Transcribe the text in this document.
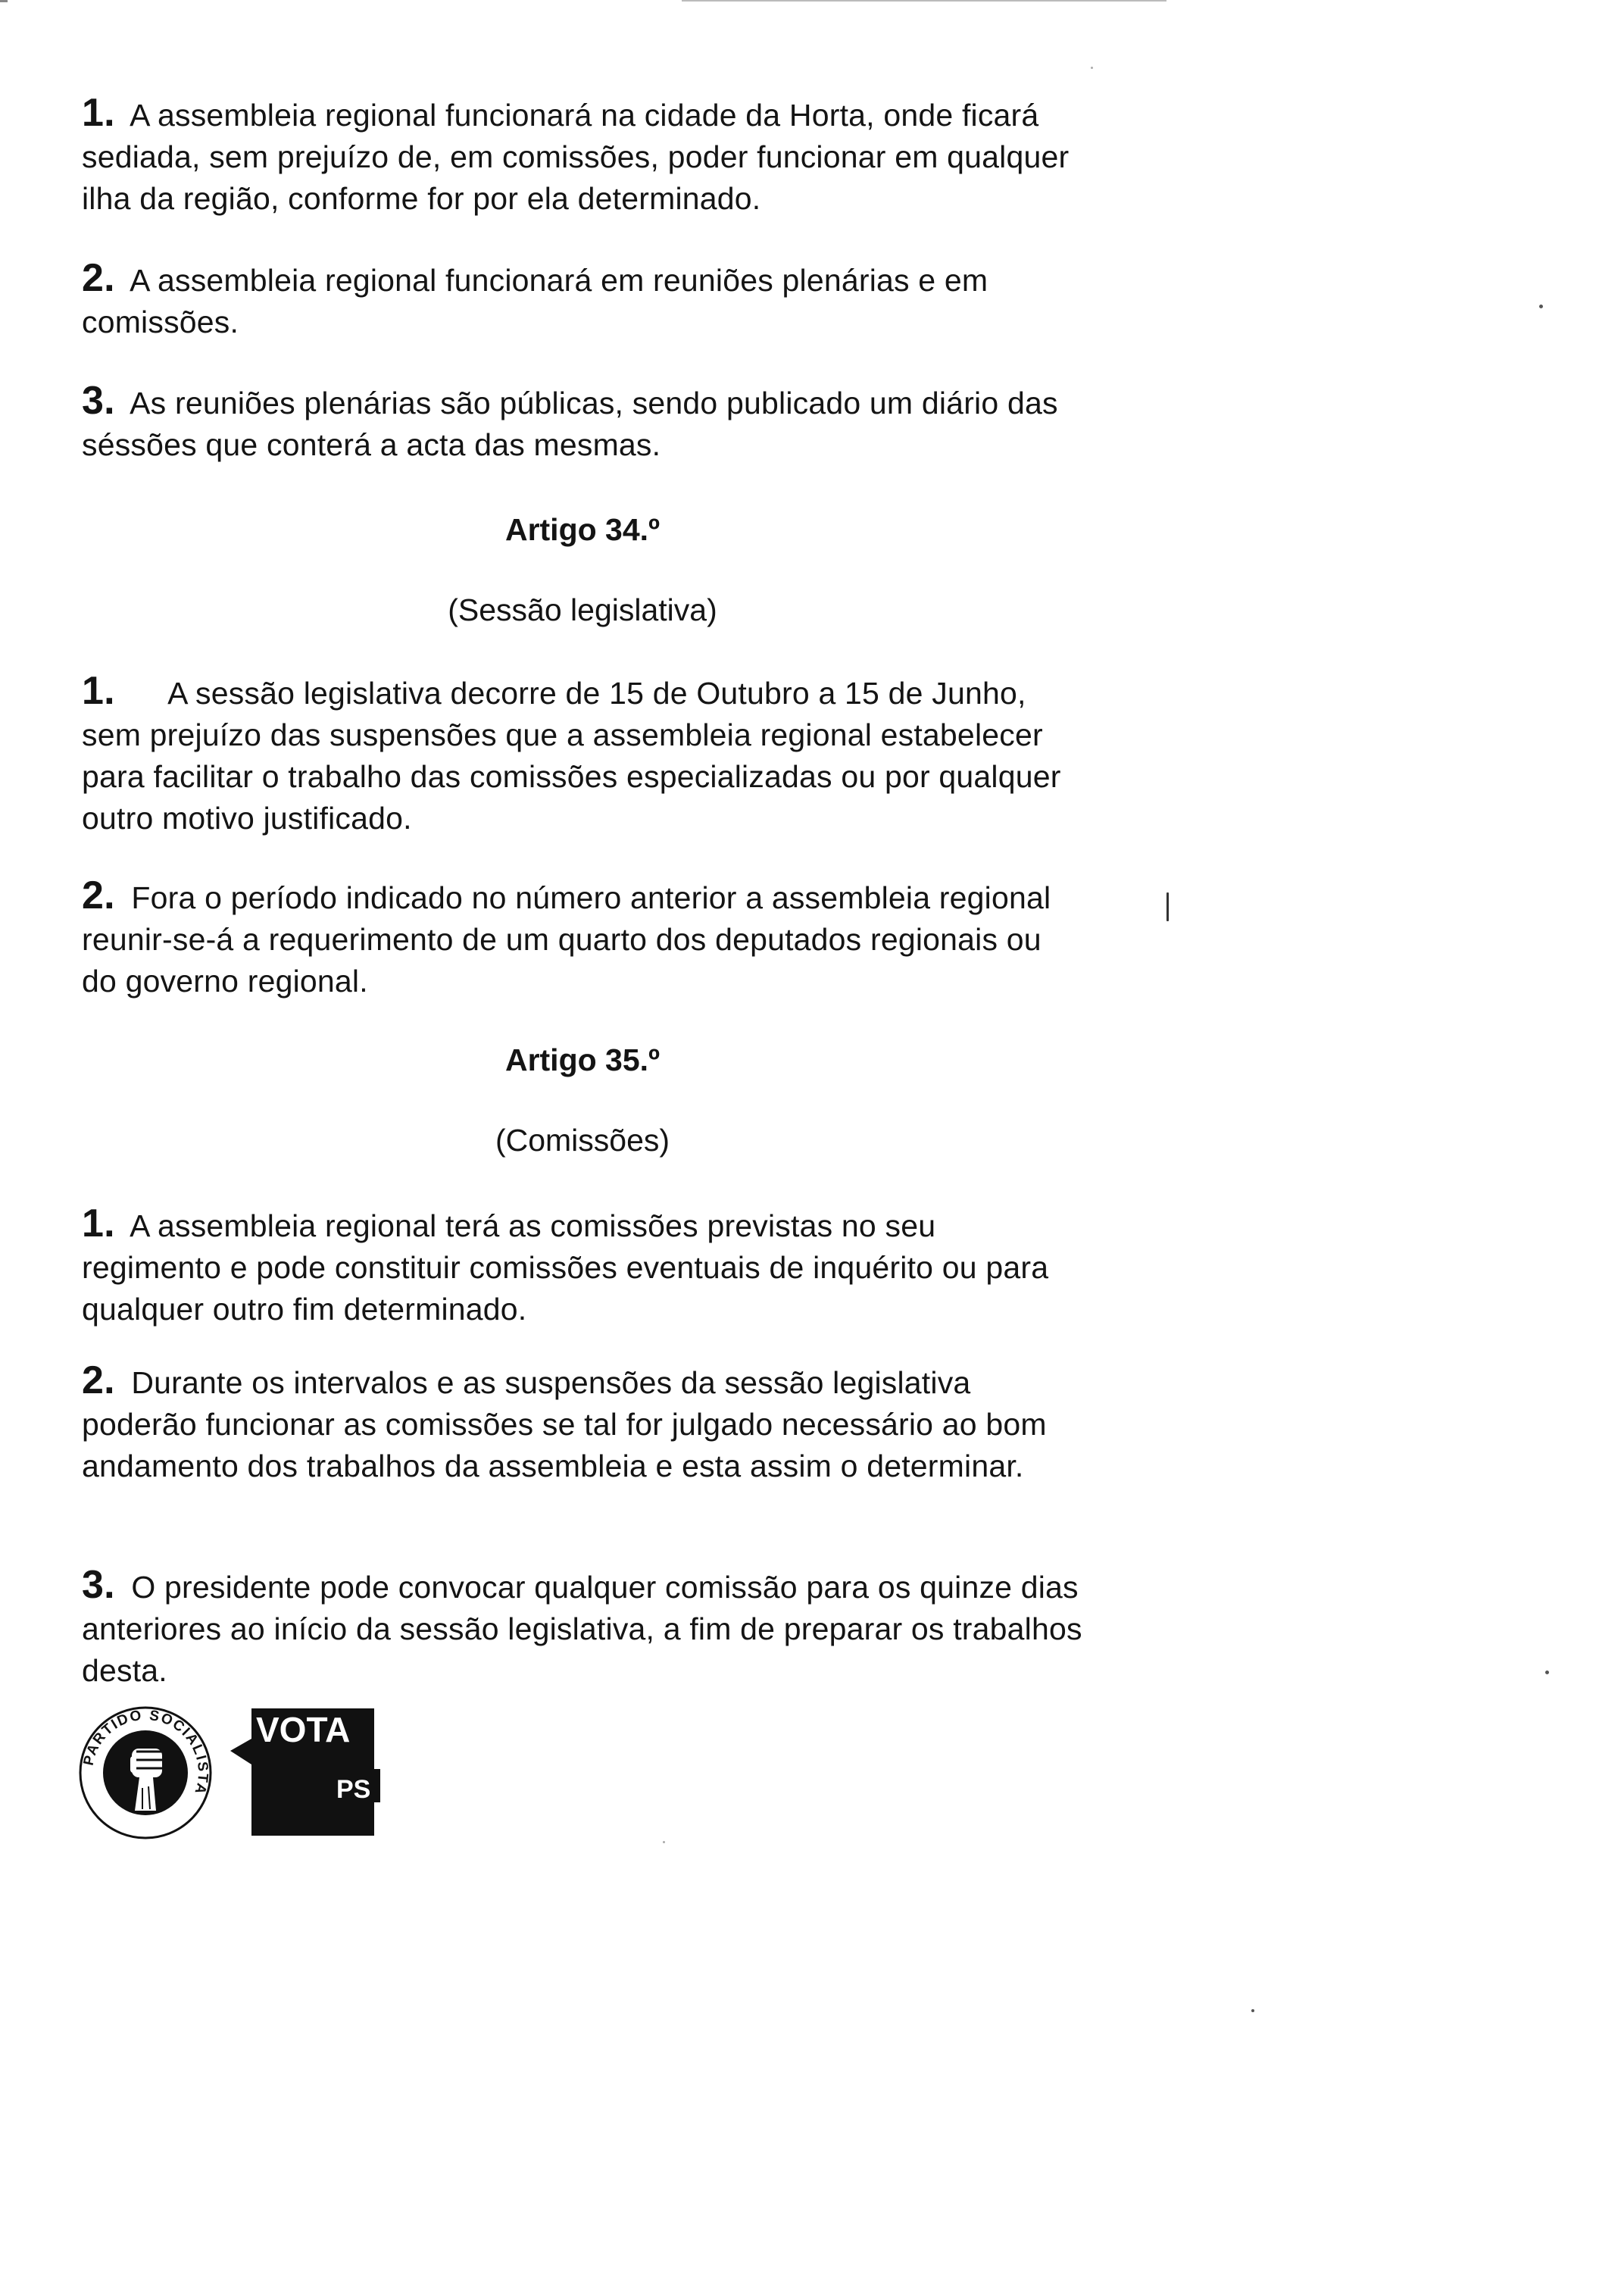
1. A assembleia regional funcionará na cidade da Horta, onde ficará sediada, sem prejuízo de, em comissões, poder funcionar em qualquer ilha da região, conforme for por ela determinado.

2. A assembleia regional funcionará em reuniões plenárias e em comissões.

3. As reuniões plenárias são públicas, sendo publicado um diário das séssões que conterá a acta das mesmas.

Artigo 34.º
(Sessão legislativa)

1. A sessão legislativa decorre de 15 de Outubro a 15 de Junho, sem prejuízo das suspensões que a assembleia regional estabelecer para facilitar o trabalho das comissões especializadas ou por qualquer outro motivo justificado.

2. Fora o período indicado no número anterior a assembleia regional reunir-se-á a requerimento de um quarto dos deputados regionais ou do governo regional.

Artigo 35.º
(Comissões)

1. A assembleia regional terá as comissões previstas no seu regimento e pode constituir comissões eventuais de inquérito ou para qualquer outro fim determinado.

2. Durante os intervalos e as suspensões da sessão legislativa poderão funcionar as comissões se tal for julgado necessário ao bom andamento dos trabalhos da assembleia e esta assim o determinar.

3. O presidente pode convocar qualquer comissão para os quinze dias anteriores ao início da sessão legislativa, a fim de preparar os trabalhos desta.

PARTIDO SOCIALISTA
VOTA
PS
